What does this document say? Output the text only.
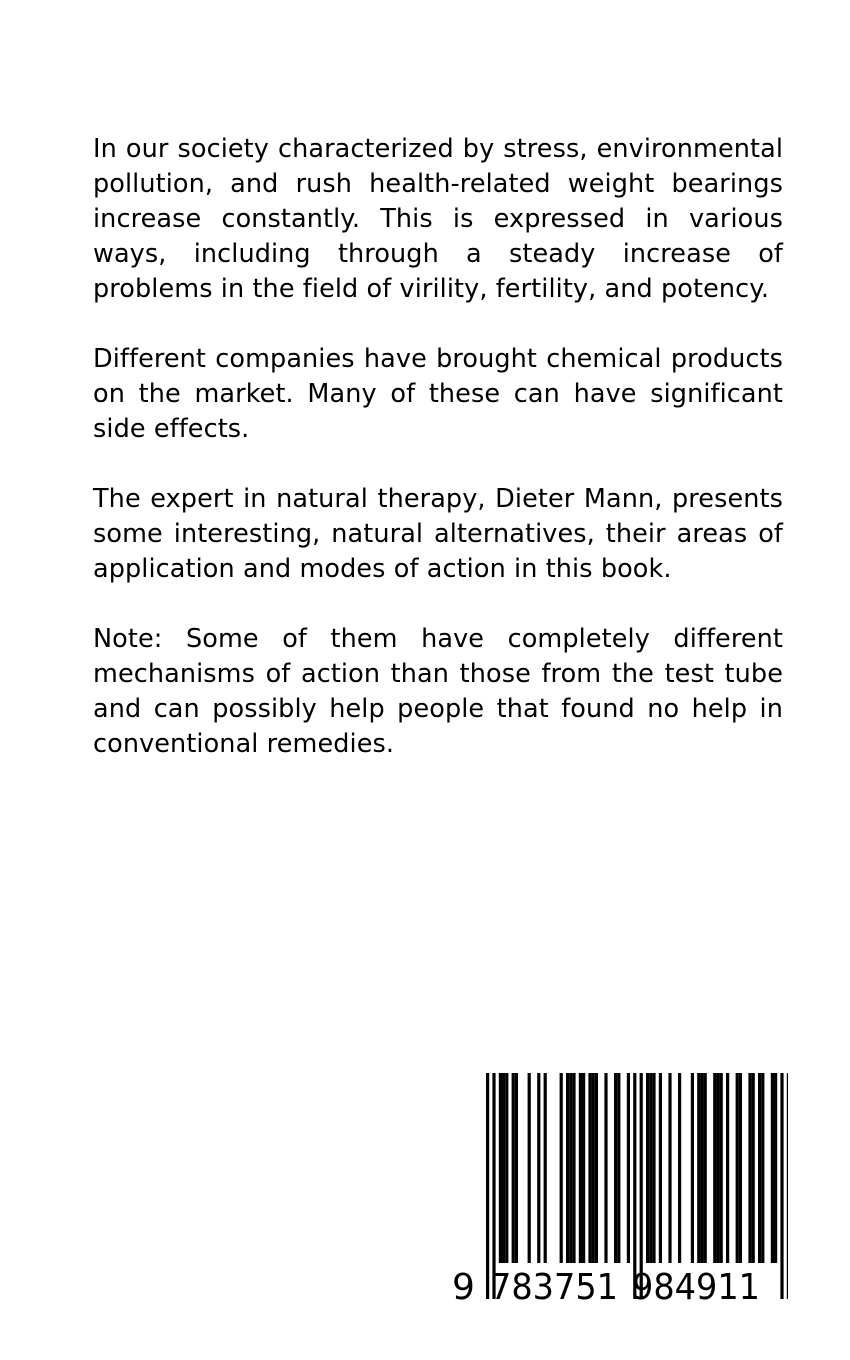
In our society characterized by stress, environmental pollution, and rush health-related weight bearings increase constantly. This is expressed in various ways, including through a steady increase of problems in the field of virility, fertility, and potency.

Different companies have brought chemical products on the market. Many of these can have significant side effects.

The expert in natural therapy, Dieter Mann, presents some interesting, natural alternatives, their areas of application and modes of action in this book.

Note: Some of them have completely different mechanisms of action than those from the test tube and can possibly help people that found no help in conventional remedies.

9 783751 984911
